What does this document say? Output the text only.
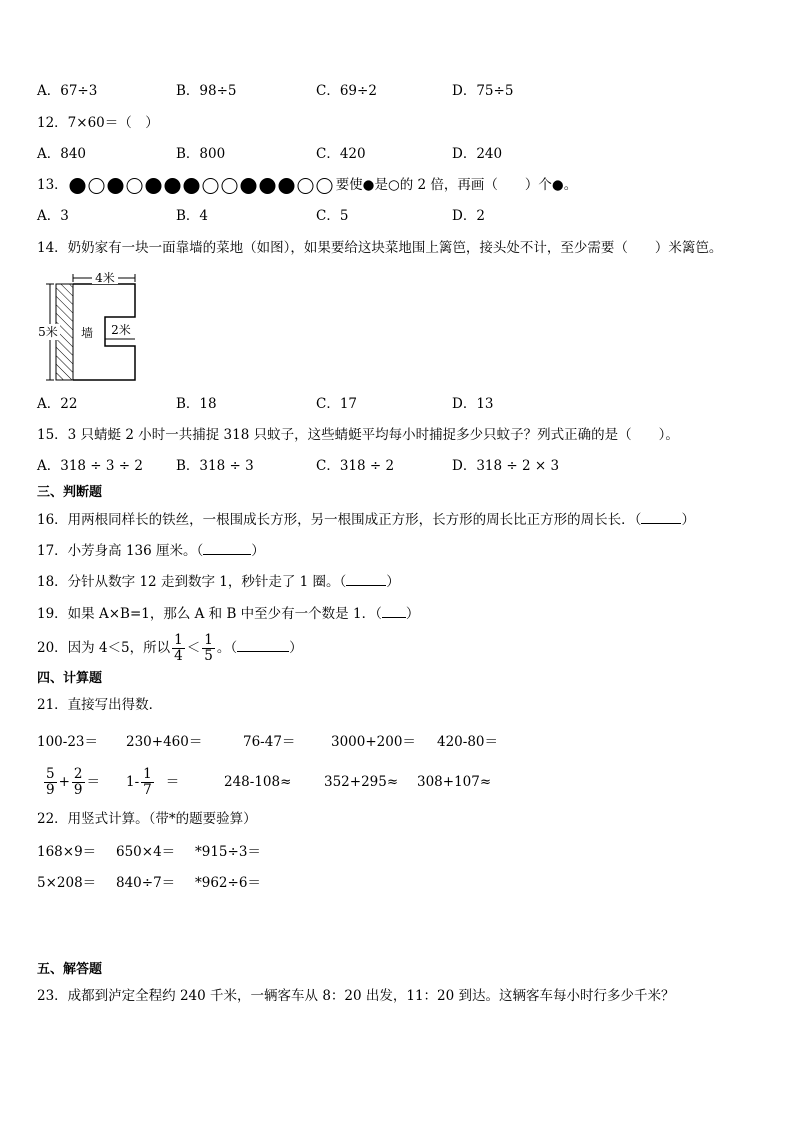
A．67÷3	B．98÷5	C．69÷2	D．75÷5
12．7×60＝（　）
A．840	B．800	C．420	D．240
13．	要使●是○的 2 倍，再画（　　）个●。
A．3	B．4	C．5	D．2
14．奶奶家有一块一面靠墙的菜地（如图），如果要给这块菜地围上篱笆，接头处不计，至少需要（　　）米篱笆。
4米
5米 墙 2米
A．22	B．18	C．17	D．13
15．3 只蜻蜓 2 小时一共捕捉 318 只蚊子，这些蜻蜓平均每小时捕捉多少只蚊子？列式正确的是（　　）。
A．318 ÷ 3 ÷ 2 B．318 ÷ 3	C．318 ÷ 2	D．318 ÷ 2 × 3
三、判断题
16．用两根同样长的铁丝，一根围成长方形，另一根围成正方形，长方形的周长比正方形的周长长．（	）
17．小芳身高 136 厘米。（	）
18．分针从数字 12 走到数字 1，秒针走了 1 圈。（	）
19．如果 A×B=1，那么 A 和 B 中至少有一个数是 1．（ ）
20．因为 4＜5，所以 $\frac{1}{4} < \frac{1}{5}$ 。（	）
四、计算题
21．直接写出得数．
100-23＝ 230+460＝	76-47＝	3000+200＝ 420-80＝
$\frac{5}{9} + \frac{2}{9} = 1- \frac{1}{7}$ ＝	248-108≈ 352+295≈ 308+107≈
22．用竖式计算。（带*的题要验算）
168×9＝ 650×4＝ *915÷3＝
5×208＝ 840÷7＝ *962÷6＝
五、解答题
23．成都到泸定全程约 240 千米，一辆客车从 8：20 出发，11：20 到达。这辆客车每小时行多少千米？
